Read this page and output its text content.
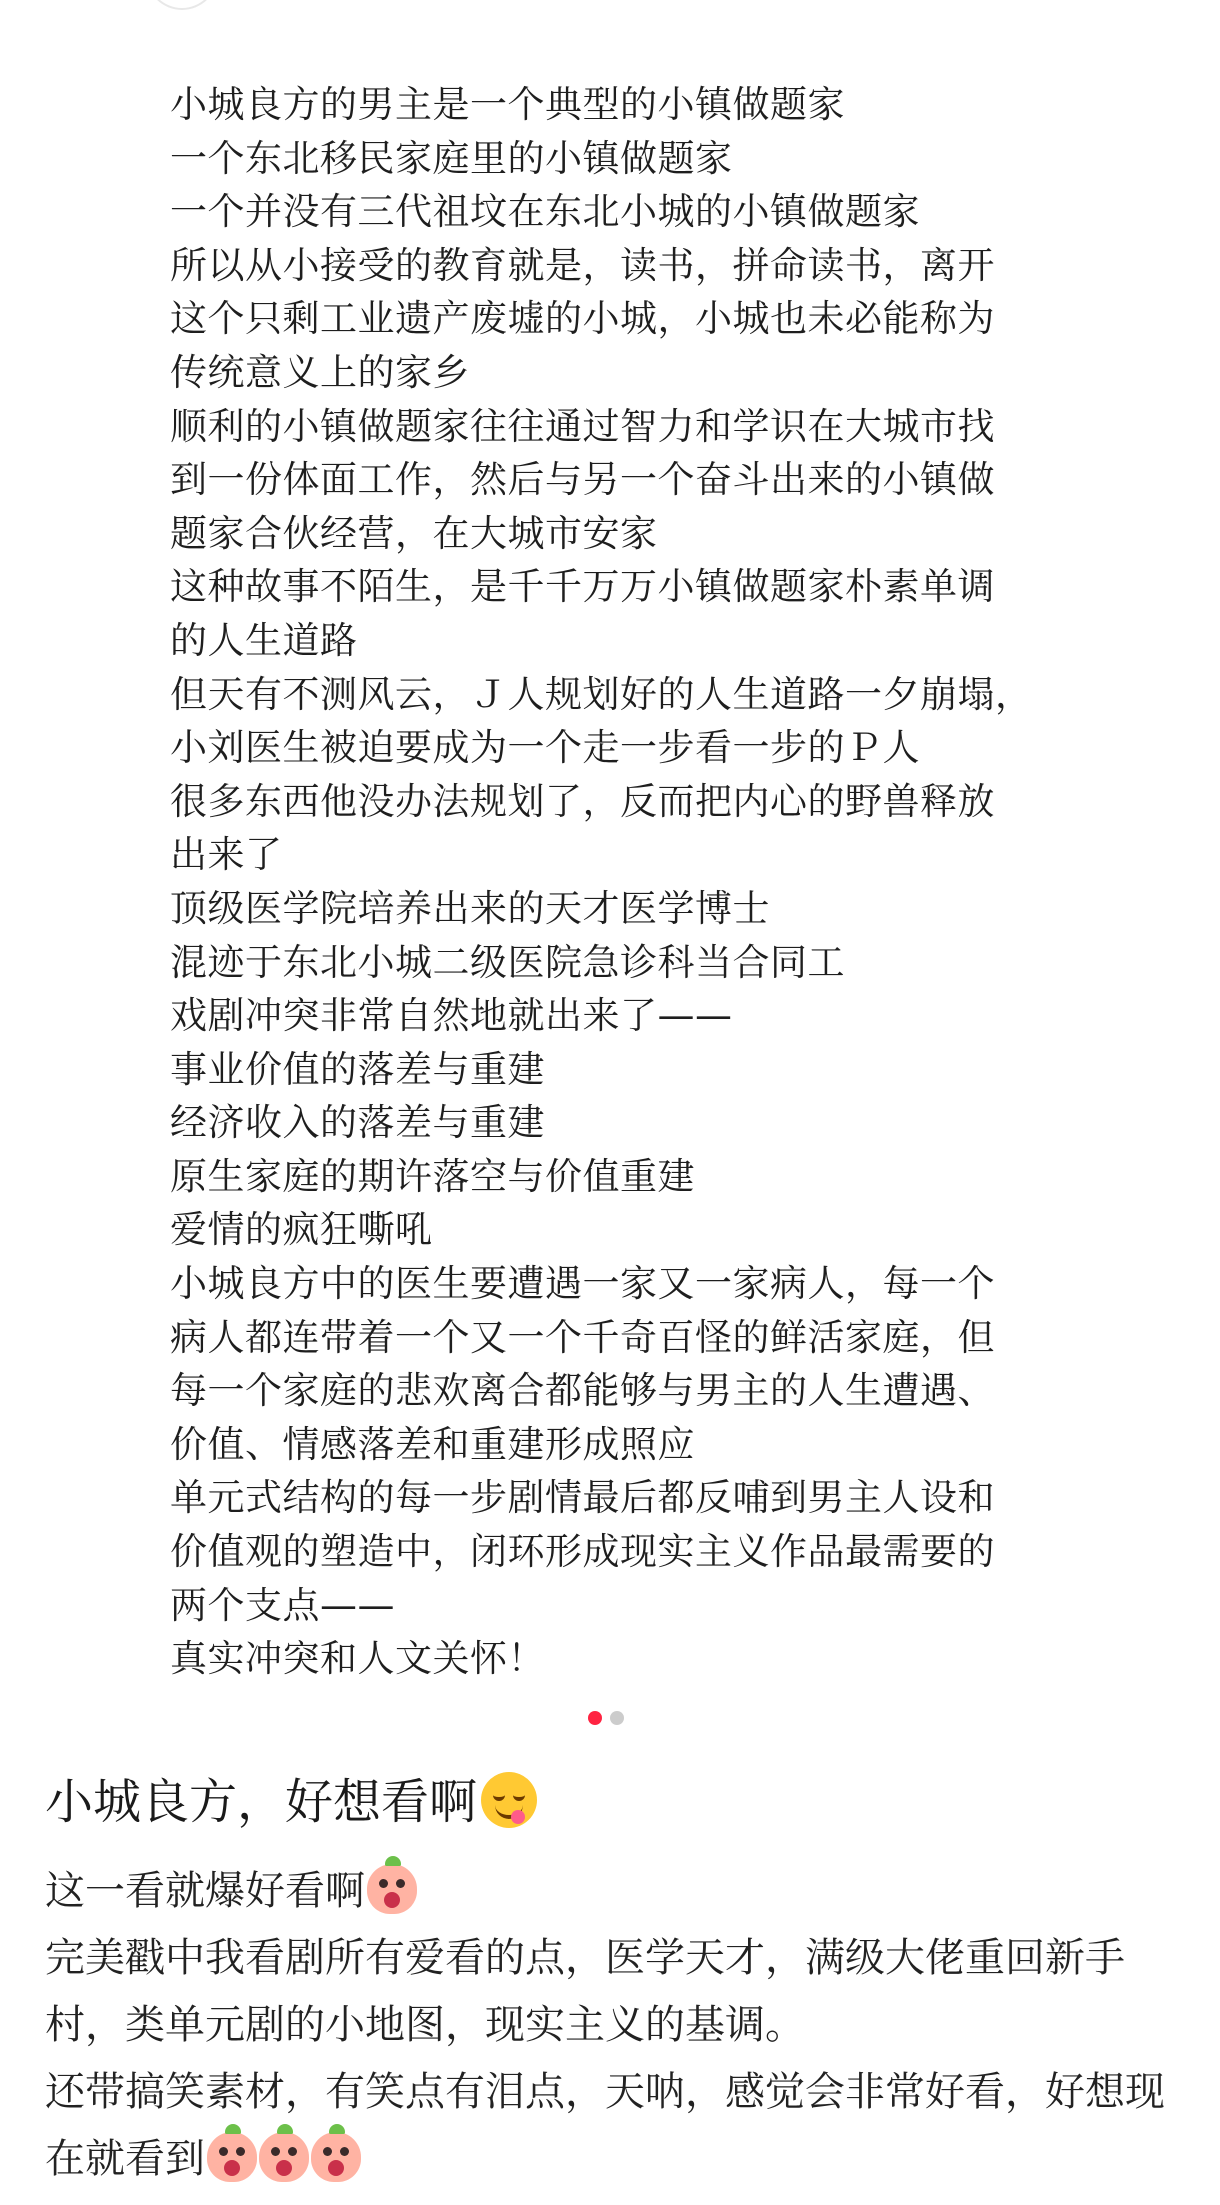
小城良方的男主是一个典型的小镇做题家
一个东北移民家庭里的小镇做题家
一个并没有三代祖坟在东北小城的小镇做题家
所以从小接受的教育就是，读书，拼命读书，离开
这个只剩工业遗产废墟的小城，小城也未必能称为
传统意义上的家乡
顺利的小镇做题家往往通过智力和学识在大城市找
到一份体面工作，然后与另一个奋斗出来的小镇做
题家合伙经营，在大城市安家
这种故事不陌生，是千千万万小镇做题家朴素单调
的人生道路
但天有不测风云，Ｊ人规划好的人生道路一夕崩塌，
小刘医生被迫要成为一个走一步看一步的Ｐ人
很多东西他没办法规划了，反而把内心的野兽释放
出来了
顶级医学院培养出来的天才医学博士
混迹于东北小城二级医院急诊科当合同工
戏剧冲突非常自然地就出来了——
事业价值的落差与重建
经济收入的落差与重建
原生家庭的期许落空与价值重建
爱情的疯狂嘶吼
小城良方中的医生要遭遇一家又一家病人，每一个
病人都连带着一个又一个千奇百怪的鲜活家庭，但
每一个家庭的悲欢离合都能够与男主的人生遭遇、
价值、情感落差和重建形成照应
单元式结构的每一步剧情最后都反哺到男主人设和
价值观的塑造中，闭环形成现实主义作品最需要的
两个支点——
真实冲突和人文关怀！
小城良方，好想看啊

这一看就爆好看啊

完美戳中我看剧所有爱看的点，医学天才，满级大佬重回新手村，类单元剧的小地图，现实主义的基调。

还带搞笑素材，有笑点有泪点，天呐，感觉会非常好看，好想现在就看到
